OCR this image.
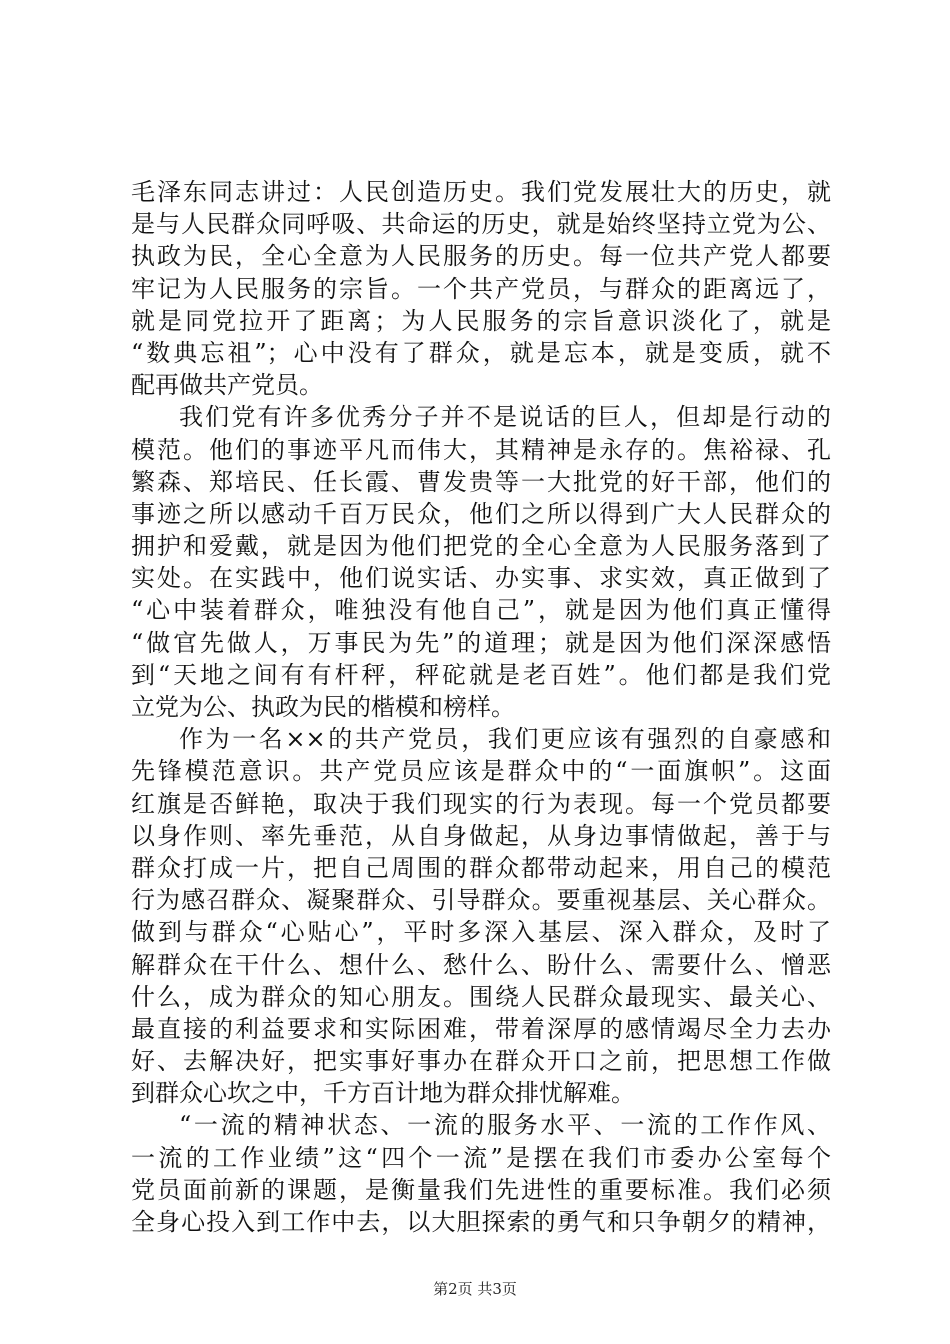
毛泽东同志讲过：人民创造历史。我们党发展壮大的历史，就
是与人民群众同呼吸、共命运的历史，就是始终坚持立党为公、
执政为民，全心全意为人民服务的历史。每一位共产党人都要
牢记为人民服务的宗旨。一个共产党员，与群众的距离远了，
就是同党拉开了距离；为人民服务的宗旨意识淡化了，就是
“数典忘祖”；心中没有了群众，就是忘本，就是变质，就不
配再做共产党员。
我们党有许多优秀分子并不是说话的巨人，但却是行动的
模范。他们的事迹平凡而伟大，其精神是永存的。焦裕禄、孔
繁森、郑培民、任长霞、曹发贵等一大批党的好干部，他们的
事迹之所以感动千百万民众，他们之所以得到广大人民群众的
拥护和爱戴，就是因为他们把党的全心全意为人民服务落到了
实处。在实践中，他们说实话、办实事、求实效，真正做到了
“心中装着群众，唯独没有他自己”，就是因为他们真正懂得
“做官先做人，万事民为先”的道理；就是因为他们深深感悟
到“天地之间有有杆秤，秤砣就是老百姓”。他们都是我们党
立党为公、执政为民的楷模和榜样。
作为一名××的共产党员，我们更应该有强烈的自豪感和
先锋模范意识。共产党员应该是群众中的“一面旗帜”。这面
红旗是否鲜艳，取决于我们现实的行为表现。每一个党员都要
以身作则、率先垂范，从自身做起，从身边事情做起，善于与
群众打成一片，把自己周围的群众都带动起来，用自己的模范
行为感召群众、凝聚群众、引导群众。要重视基层、关心群众。
做到与群众“心贴心”，平时多深入基层、深入群众，及时了
解群众在干什么、想什么、愁什么、盼什么、需要什么、憎恶
什么，成为群众的知心朋友。围绕人民群众最现实、最关心、
最直接的利益要求和实际困难，带着深厚的感情竭尽全力去办
好、去解决好，把实事好事办在群众开口之前，把思想工作做
到群众心坎之中，千方百计地为群众排忧解难。
“一流的精神状态、一流的服务水平、一流的工作作风、
一流的工作业绩”这“四个一流”是摆在我们市委办公室每个
党员面前新的课题，是衡量我们先进性的重要标准。我们必须
全身心投入到工作中去，以大胆探索的勇气和只争朝夕的精神，
第2页 共3页
